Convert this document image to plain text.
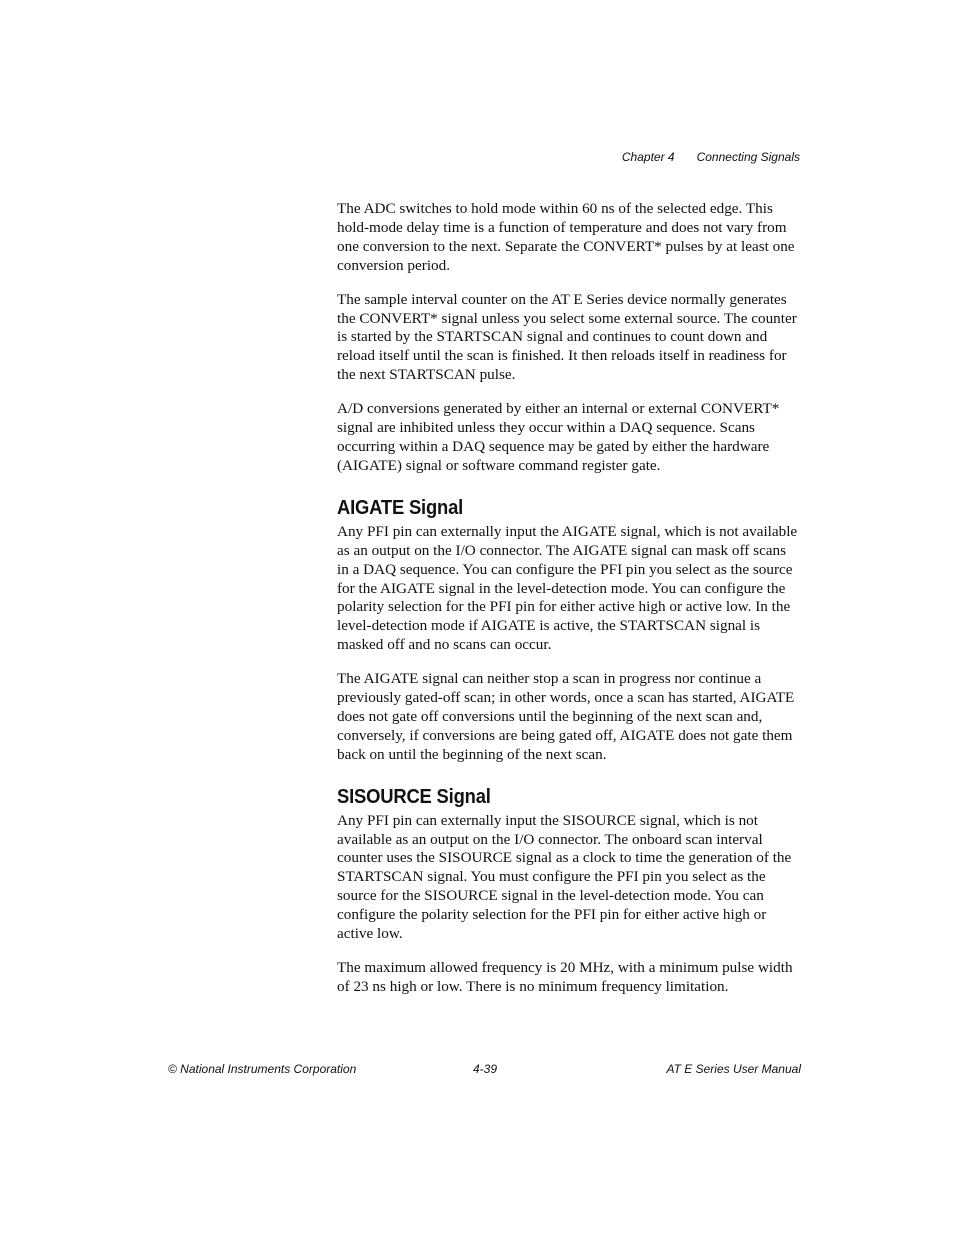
Chapter 4 Connecting Signals

The ADC switches to hold mode within 60 ns of the selected edge. This hold-mode delay time is a function of temperature and does not vary from one conversion to the next. Separate the CONVERT* pulses by at least one conversion period.

The sample interval counter on the AT E Series device normally generates the CONVERT* signal unless you select some external source. The counter is started by the STARTSCAN signal and continues to count down and reload itself until the scan is finished. It then reloads itself in readiness for the next STARTSCAN pulse.

A/D conversions generated by either an internal or external CONVERT* signal are inhibited unless they occur within a DAQ sequence. Scans occurring within a DAQ sequence may be gated by either the hardware (AIGATE) signal or software command register gate.

AIGATE Signal

Any PFI pin can externally input the AIGATE signal, which is not available as an output on the I/O connector. The AIGATE signal can mask off scans in a DAQ sequence. You can configure the PFI pin you select as the source for the AIGATE signal in the level-detection mode. You can configure the polarity selection for the PFI pin for either active high or active low. In the level-detection mode if AIGATE is active, the STARTSCAN signal is masked off and no scans can occur.

The AIGATE signal can neither stop a scan in progress nor continue a previously gated-off scan; in other words, once a scan has started, AIGATE does not gate off conversions until the beginning of the next scan and, conversely, if conversions are being gated off, AIGATE does not gate them back on until the beginning of the next scan.

SISOURCE Signal

Any PFI pin can externally input the SISOURCE signal, which is not available as an output on the I/O connector. The onboard scan interval counter uses the SISOURCE signal as a clock to time the generation of the STARTSCAN signal. You must configure the PFI pin you select as the source for the SISOURCE signal in the level-detection mode. You can configure the polarity selection for the PFI pin for either active high or active low.

The maximum allowed frequency is 20 MHz, with a minimum pulse width of 23 ns high or low. There is no minimum frequency limitation.

© National Instruments Corporation	4-39	AT E Series User Manual
